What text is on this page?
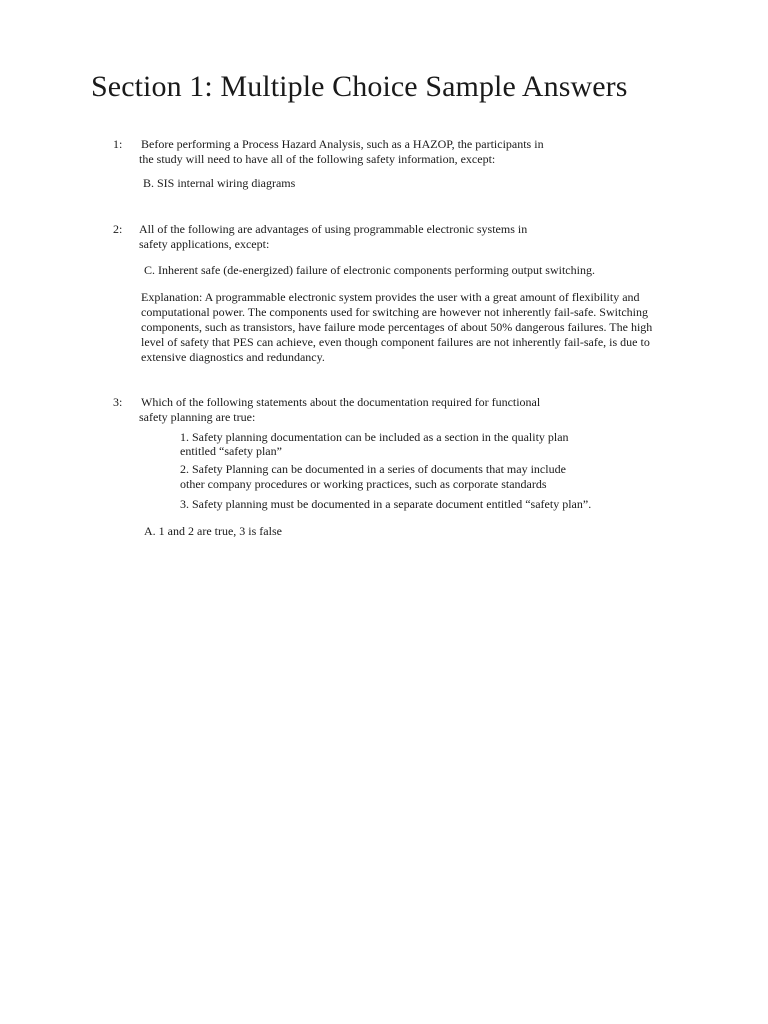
Section 1: Multiple Choice Sample Answers
1: Before performing a Process Hazard Analysis, such as a HAZOP, the participants in
the study will need to have all of the following safety information, except:
B. SIS internal wiring diagrams
2: All of the following are advantages of using programmable electronic systems in
safety applications, except:
C. Inherent safe (de-energized) failure of electronic components performing output switching.
Explanation: A programmable electronic system provides the user with a great amount of flexibility and
computational power. The components used for switching are however not inherently fail-safe. Switching
components, such as transistors, have failure mode percentages of about 50% dangerous failures. The high
level of safety that PES can achieve, even though component failures are not inherently fail-safe, is due to
extensive diagnostics and redundancy.
3: Which of the following statements about the documentation required for functional
safety planning are true:
1. Safety planning documentation can be included as a section in the quality plan
entitled “safety plan”
2. Safety Planning can be documented in a series of documents that may include
other company procedures or working practices, such as corporate standards
3. Safety planning must be documented in a separate document entitled “safety plan”.
A. 1 and 2 are true, 3 is false
